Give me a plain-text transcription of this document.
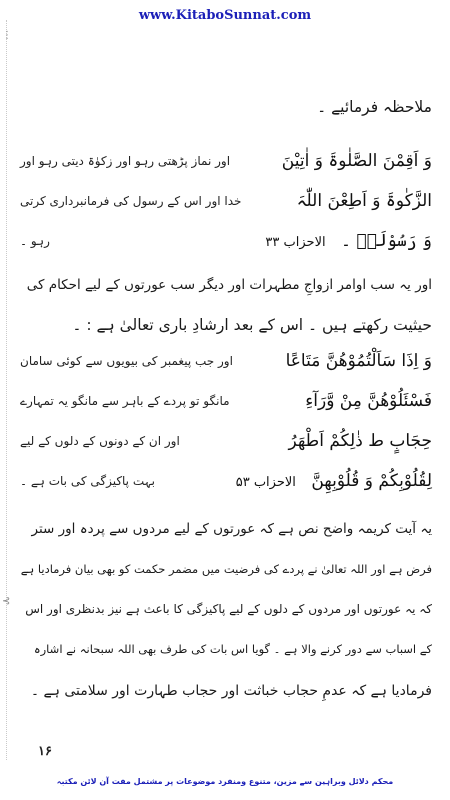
www.KitaboSunnat.com
⋮
⊰
ملاحظہ فرمائیے ۔
وَ اَقِمْنَ الصَّلٰوۃَ وَ اٰتِیْنَ
اور نماز پڑھتی رہو اور زکوٰۃ دیتی رہو اور
الزَّکٰوۃَ وَ اَطِعْنَ اللّٰہَ
خدا اور اس کے رسول کی فرمانبرداری کرتی
وَ رَسُوْلَہٗ ۔ الاحزاب ۳۳
رہو ۔
اور یہ سب اوامر ازواجِ مطہرات اور دیگر سب عورتوں کے لیے احکام کی
حیثیت رکھتے ہیں ۔ اس کے بعد ارشادِ باری تعالیٰ ہے : ۔
وَ اِذَا سَاَلْتُمُوْھُنَّ مَتَاعًا
اور جب پیغمبر کی بیویوں سے کوئی سامان
فَسْئَلُوْھُنَّ مِنْ وَّرَآءِ
مانگو تو پردے کے باہر سے مانگو یہ تمہارے
حِجَابٍ ط ذٰلِکُمْ اَطْھَرُ
اور ان کے دونوں کے دلوں کے لیے
لِقُلُوْبِکُمْ وَ قُلُوْبِھِنَّ الاحزاب ۵۳
بہت پاکیزگی کی بات ہے ۔
یہ آیت کریمہ واضح نص ہے کہ عورتوں کے لیے مردوں سے پردہ اور ستر
فرض ہے اور اللہ تعالیٰ نے پردے کی فرضیت میں مضمر حکمت کو بھی بیان فرمادیا ہے
کہ یہ عورتوں اور مردوں کے دلوں کے لیے پاکیزگی کا باعث ہے نیز بدنظری اور اس
کے اسباب سے دور کرنے والا ہے ۔ گویا اس بات کی طرف بھی اللہ سبحانہ نے اشارہ
فرمادیا ہے کہ عدمِ حجاب خباثت اور حجاب طہارت اور سلامتی ہے ۔
۱۶
محکم دلائل وبراہین سے مزین، متنوع ومنفرد موضوعات پر مشتمل مفت آن لائن مکتبہ
